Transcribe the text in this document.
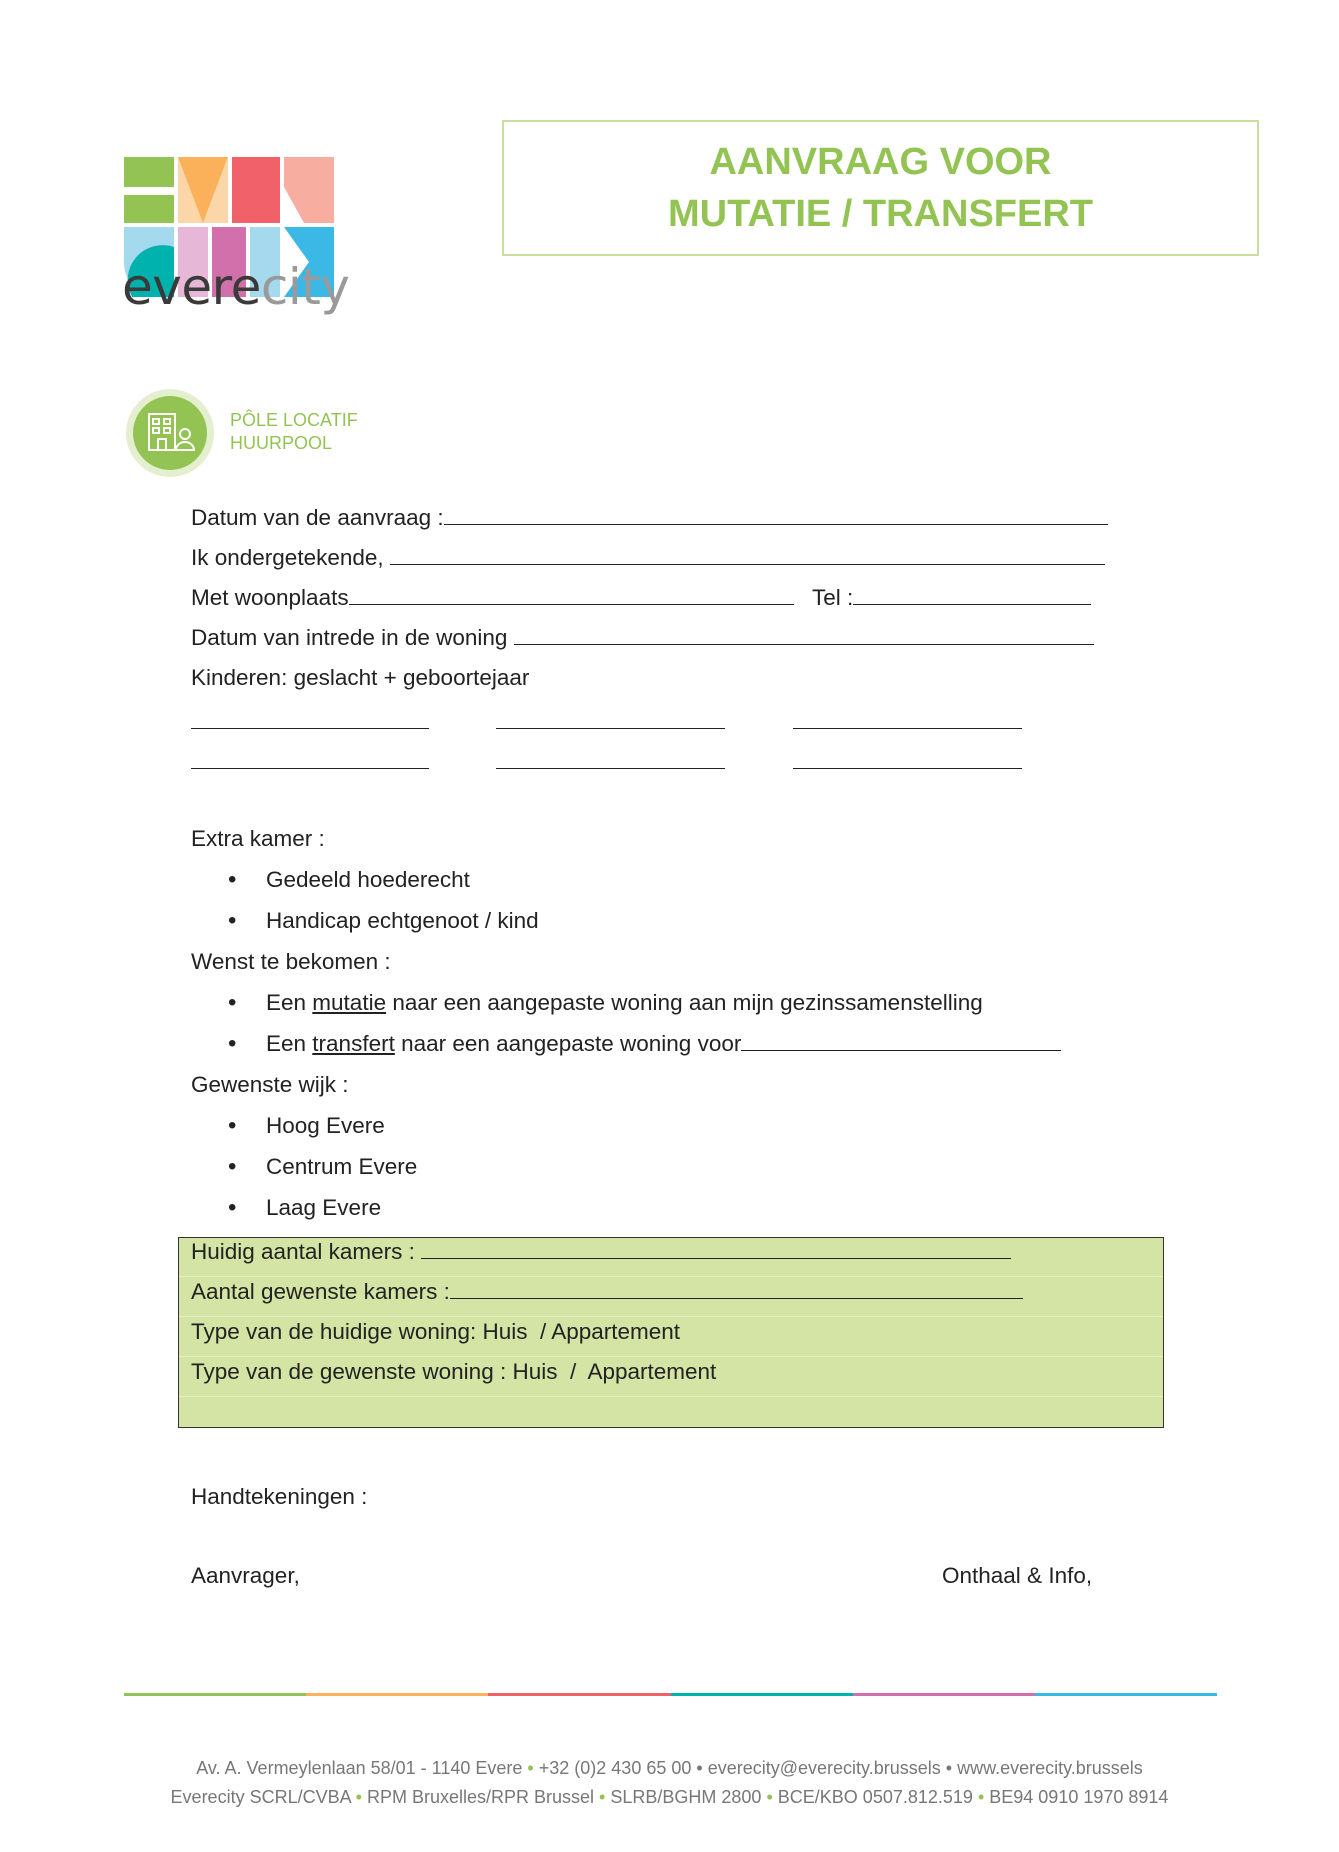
everecity
AANVRAAG VOOR
MUTATIE / TRANSFERT
PÔLE LOCATIF
HUURPOOL
Datum van de aanvraag :
Ik ondergetekende,
Met woonplaats	Tel :
Datum van intrede in de woning
Kinderen: geslacht + geboortejaar
Extra kamer :
• Gedeeld hoederecht
• Handicap echtgenoot / kind
Wenst te bekomen :
• Een mutatie naar een aangepaste woning aan mijn gezinssamenstelling
• Een transfert naar een aangepaste woning voor
Gewenste wijk :
• Hoog Evere
• Centrum Evere
• Laag Evere
Huidig aantal kamers :
Aantal gewenste kamers :
Type van de huidige woning: Huis  / Appartement
Type van de gewenste woning : Huis  /  Appartement
Handtekeningen :
Aanvrager,	Onthaal & Info,
Av. A. Vermeylenlaan 58/01 - 1140 Evere • +32 (0)2 430 65 00 • everecity@everecity.brussels • www.everecity.brussels
Everecity SCRL/CVBA • RPM Bruxelles/RPR Brussel • SLRB/BGHM 2800 • BCE/KBO 0507.812.519 • BE94 0910 1970 8914
